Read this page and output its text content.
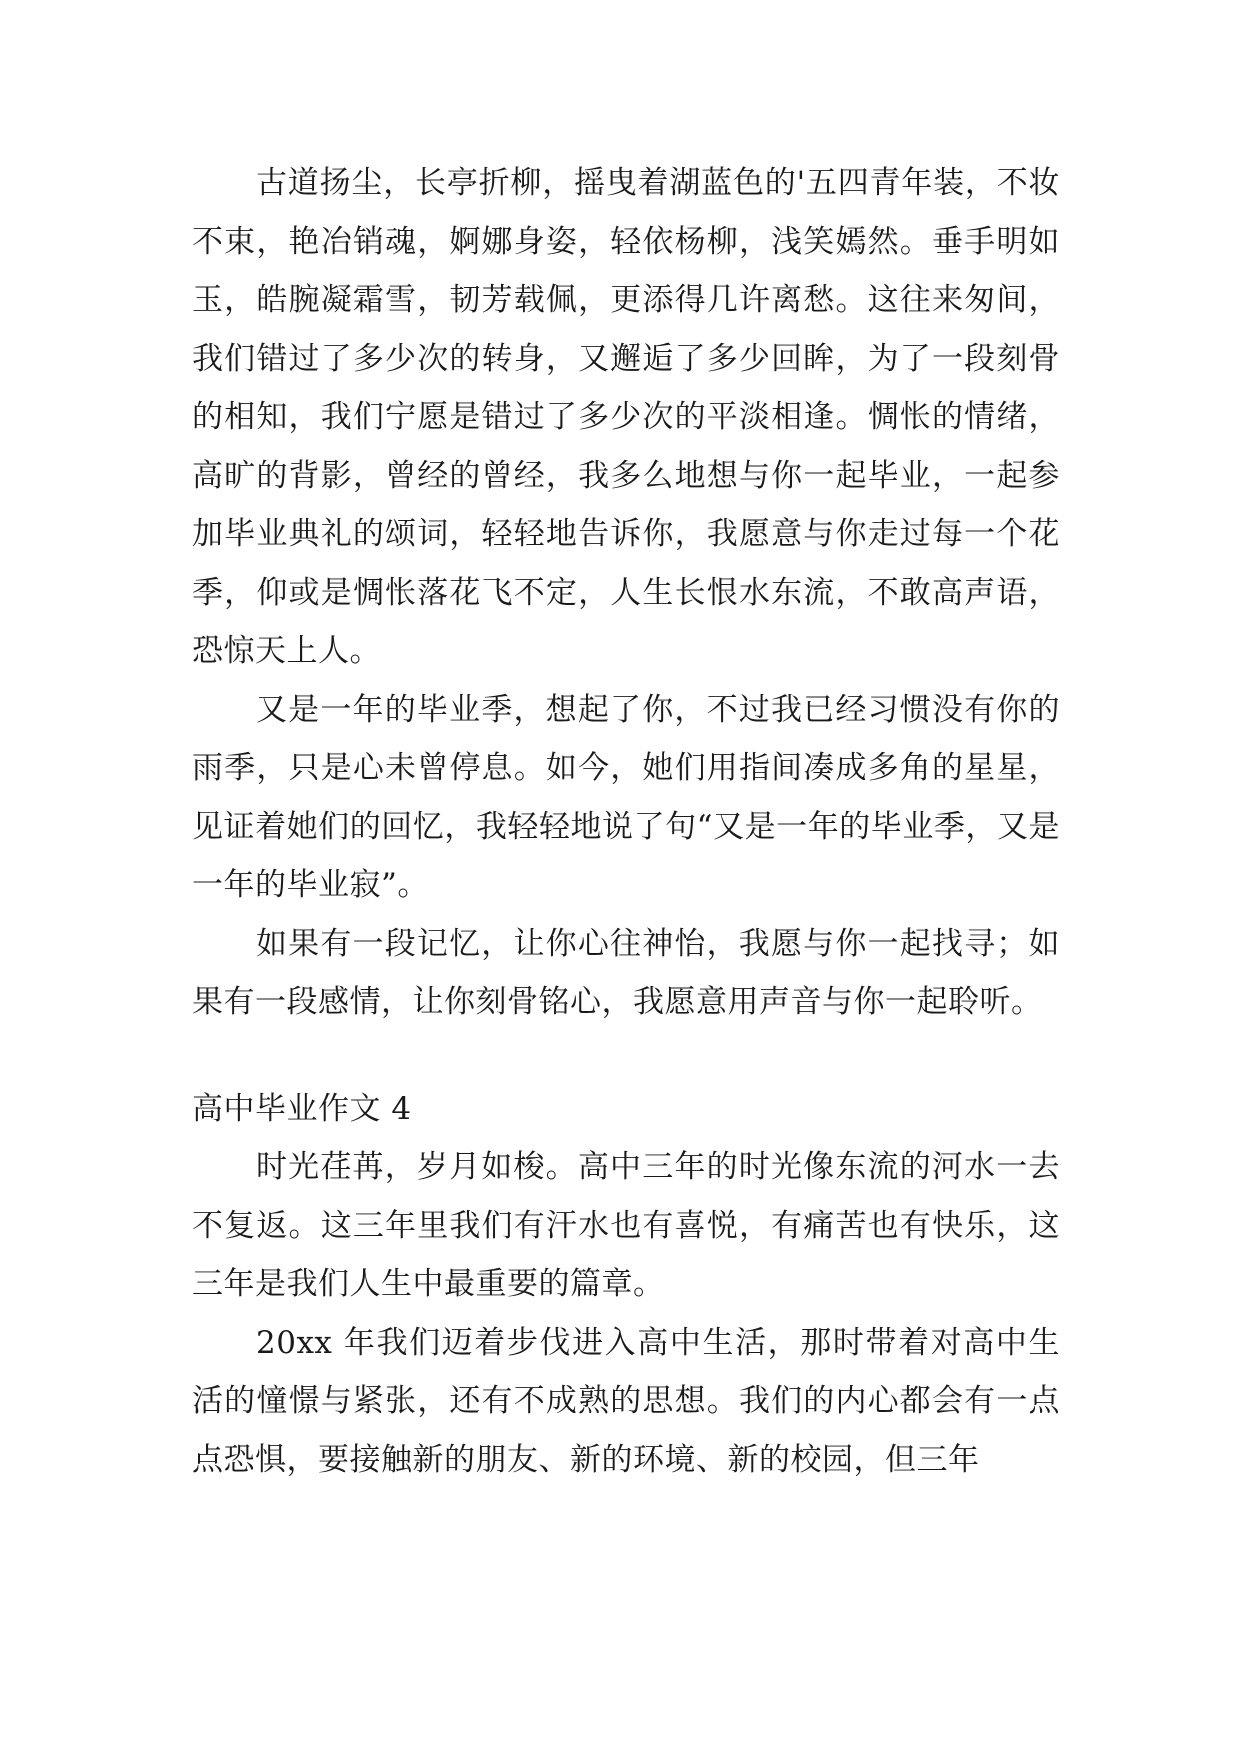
古道扬尘，长亭折柳，摇曳着湖蓝色的'五四青年装，不妆不束，艳冶销魂，婀娜身姿，轻依杨柳，浅笑嫣然。垂手明如玉，皓腕凝霜雪，韧芳载佩，更添得几许离愁。这往来匆间，我们错过了多少次的转身，又邂逅了多少回眸，为了一段刻骨的相知，我们宁愿是错过了多少次的平淡相逢。惆怅的情绪，高旷的背影，曾经的曾经，我多么地想与你一起毕业，一起参加毕业典礼的颂词，轻轻地告诉你，我愿意与你走过每一个花季，仰或是惆怅落花飞不定，人生长恨水东流，不敢高声语，恐惊天上人。

又是一年的毕业季，想起了你，不过我已经习惯没有你的雨季，只是心未曾停息。如今，她们用指间凑成多角的星星，见证着她们的回忆，我轻轻地说了句“又是一年的毕业季，又是一年的毕业寂”。

如果有一段记忆，让你心往神怡，我愿与你一起找寻；如果有一段感情，让你刻骨铭心，我愿意用声音与你一起聆听。

高中毕业作文 4

时光荏苒，岁月如梭。高中三年的时光像东流的河水一去不复返。这三年里我们有汗水也有喜悦，有痛苦也有快乐，这三年是我们人生中最重要的篇章。

20xx 年我们迈着步伐进入高中生活，那时带着对高中生活的憧憬与紧张，还有不成熟的思想。我们的内心都会有一点点恐惧，要接触新的朋友、新的环境、新的校园，但三年
